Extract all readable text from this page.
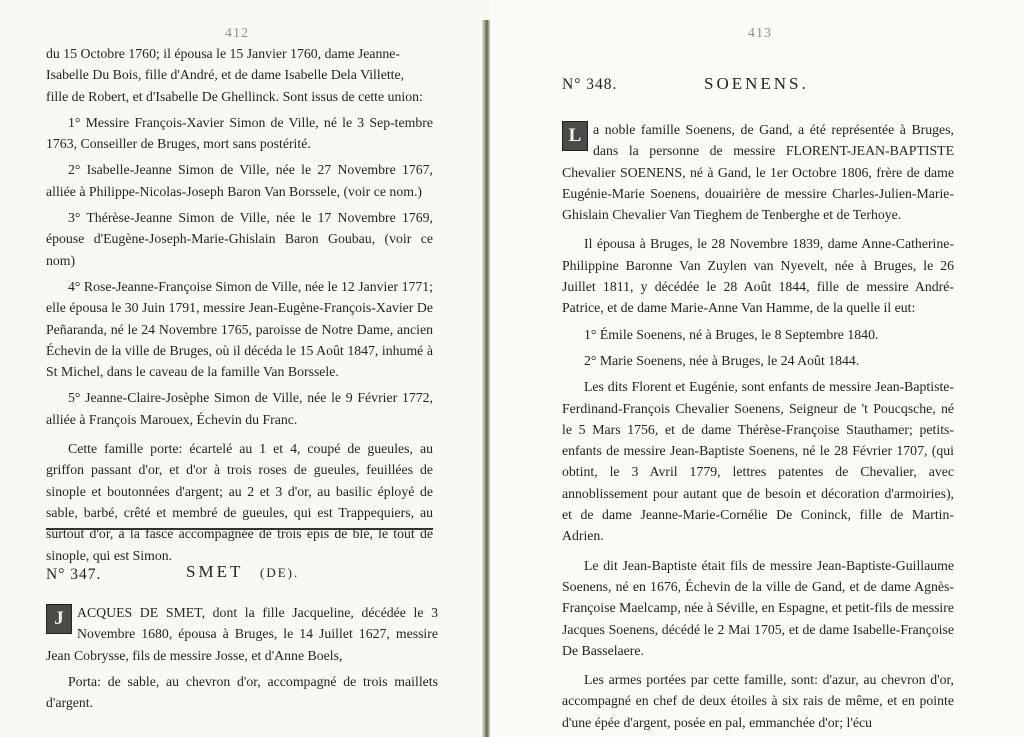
412

du 15 Octobre 1760; il épousa le 15 Janvier 1760, dame Jeanne-

Isabelle Du Bois, fille d'André, et de dame Isabelle Dela Villette,

fille de Robert, et d'Isabelle De Ghellinck. Sont issus de cette union:

1° Messire François-Xavier Simon de Ville, né le 3 Sep-tembre 1763, Conseiller de Bruges, mort sans postérité.

2° Isabelle-Jeanne Simon de Ville, née le 27 Novembre 1767, alliée à Philippe-Nicolas-Joseph Baron Van Borssele, (voir ce nom.)

3° Thérèse-Jeanne Simon de Ville, née le 17 Novembre 1769, épouse d'Eugène-Joseph-Marie-Ghislain Baron Goubau, (voir ce nom)

4° Rose-Jeanne-Françoise Simon de Ville, née le 12 Janvier 1771; elle épousa le 30 Juin 1791, messire Jean-Eugène-François-Xavier De Peñaranda, né le 24 Novembre 1765, paroisse de Notre Dame, ancien Échevin de la ville de Bruges, où il décéda le 15 Août 1847, inhumé à St Michel, dans le caveau de la famille Van Borssele.

5° Jeanne-Claire-Josèphe Simon de Ville, née le 9 Février 1772, alliée à François Marouex, Échevin du Franc.

Cette famille porte: écartelé au 1 et 4, coupé de gueules, au griffon passant d'or, et d'or à trois roses de gueules, feuillées de sinople et boutonnées d'argent; au 2 et 3 d'or, au basilic éployé de sable, barbé, crêté et membré de gueules, qui est Trappequiers, au surtout d'or, à la fasce accompagnée de trois épis de blé, le tout de sinople, qui est Simon.

N° 347.	SMET (DE).

J ACQUES DE SMET, dont la fille Jacqueline, décédée le 3 Novembre 1680, épousa à Bruges, le 14 Juillet 1627, messire Jean Cobrysse, fils de messire Josse, et d'Anne Boels,

Porta: de sable, au chevron d'or, accompagné de trois maillets d'argent.

413
N° 348.	SOENENS.

L a noble famille Soenens, de Gand, a été représentée à Bruges, dans la personne de messire FLORENT-JEAN-BAPTISTE Chevalier SOENENS, né à Gand, le 1er Octobre 1806, frère de dame Eugénie-Marie Soenens, douairière de messire Charles-Julien-Marie-Ghislain Chevalier Van Tieghem de Tenberghe et de Terhoye.

Il épousa à Bruges, le 28 Novembre 1839, dame Anne-Catherine-Philippine Baronne Van Zuylen van Nyevelt, née à Bruges, le 26 Juillet 1811, y décédée le 28 Août 1844, fille de messire André-Patrice, et de dame Marie-Anne Van Hamme, de la quelle il eut:

1° Émile Soenens, né à Bruges, le 8 Septembre 1840.

2° Marie Soenens, née à Bruges, le 24 Août 1844.

Les dits Florent et Eugénie, sont enfants de messire Jean-Baptiste-Ferdinand-François Chevalier Soenens, Seigneur de 't Poucqsche, né le 5 Mars 1756, et de dame Thérèse-Françoise Stauthamer; petits-enfants de messire Jean-Baptiste Soenens, né le 28 Février 1707, (qui obtint, le 3 Avril 1779, lettres patentes de Chevalier, avec annoblissement pour autant que de besoin et décoration d'armoiries), et de dame Jeanne-Marie-Cornélie De Coninck, fille de Martin-Adrien.

Le dit Jean-Baptiste était fils de messire Jean-Baptiste-Guillaume Soenens, né en 1676, Échevin de la ville de Gand, et de dame Agnès-Françoise Maelcamp, née à Séville, en Espagne, et petit-fils de messire Jacques Soenens, décédé le 2 Mai 1705, et de dame Isabelle-Françoise De Basselaere.

Les armes portées par cette famille, sont: d'azur, au chevron d'or, accompagné en chef de deux étoiles à six rais de même, et en pointe d'une épée d'argent, posée en pal, emmanchée d'or; l'écu
